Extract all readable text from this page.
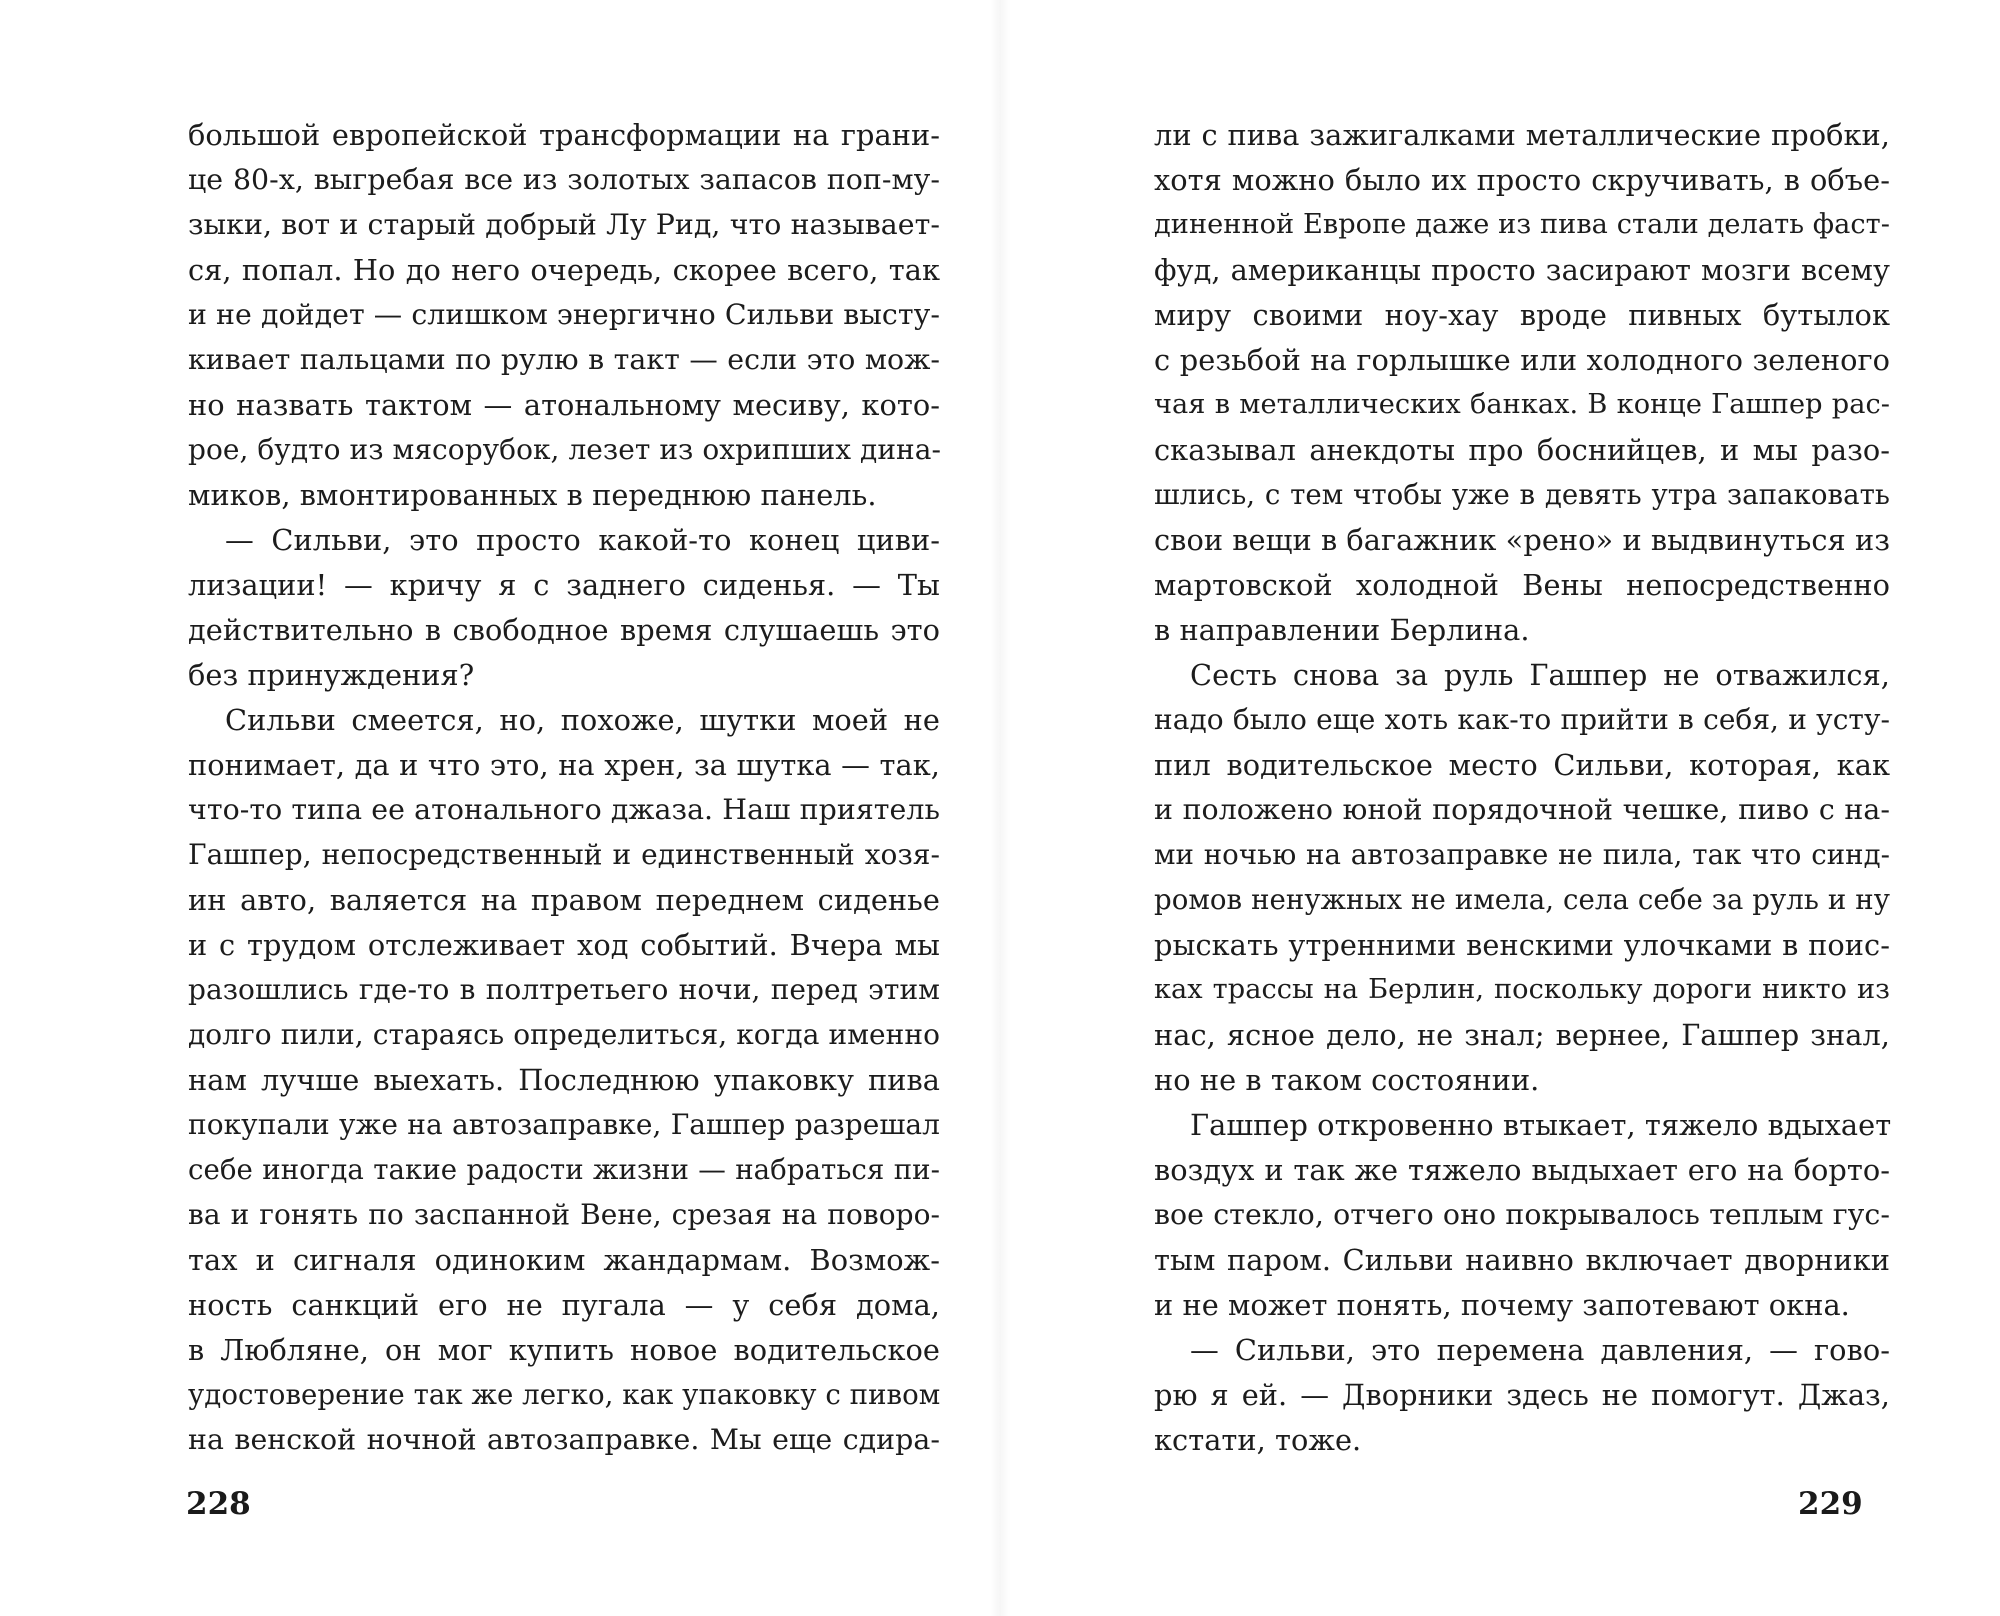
большой европейской трансформации на грани-
це 80-х, выгребая все из золотых запасов поп-му-
зыки, вот и старый добрый Лу Рид, что называет-
ся, попал. Но до него очередь, скорее всего, так
и не дойдет — слишком энергично Сильви высту-
кивает пальцами по рулю в такт — если это мож-
но назвать тактом — атональному месиву, кото-
рое, будто из мясорубок, лезет из охрипших дина-
миков, вмонтированных в переднюю панель.
— Сильви, это просто какой-то конец циви-
лизации! — кричу я с заднего сиденья. — Ты
действительно в свободное время слушаешь это
без принуждения?
Сильви смеется, но, похоже, шутки моей не
понимает, да и что это, на хрен, за шутка — так,
что-то типа ее атонального джаза. Наш приятель
Гашпер, непосредственный и единственный хозя-
ин авто, валяется на правом переднем сиденье
и с трудом отслеживает ход событий. Вчера мы
разошлись где-то в полтретьего ночи, перед этим
долго пили, стараясь определиться, когда именно
нам лучше выехать. Последнюю упаковку пива
покупали уже на автозаправке, Гашпер разрешал
себе иногда такие радости жизни — набраться пи-
ва и гонять по заспанной Вене, срезая на поворо-
тах и сигналя одиноким жандармам. Возмож-
ность санкций его не пугала — у себя дома,
в Любляне, он мог купить новое водительское
удостоверение так же легко, как упаковку с пивом
на венской ночной автозаправке. Мы еще сдира-
228
ли с пива зажигалками металлические пробки,
хотя можно было их просто скручивать, в объе-
диненной Европе даже из пива стали делать фаст-
фуд, американцы просто засирают мозги всему
миру своими ноу-хау вроде пивных бутылок
с резьбой на горлышке или холодного зеленого
чая в металлических банках. В конце Гашпер рас-
сказывал анекдоты про боснийцев, и мы разо-
шлись, с тем чтобы уже в девять утра запаковать
свои вещи в багажник «рено» и выдвинуться из
мартовской холодной Вены непосредственно
в направлении Берлина.
Сесть снова за руль Гашпер не отважился,
надо было еще хоть как-то прийти в себя, и усту-
пил водительское место Сильви, которая, как
и положено юной порядочной чешке, пиво с на-
ми ночью на автозаправке не пила, так что синд-
ромов ненужных не имела, села себе за руль и ну
рыскать утренними венскими улочками в поис-
ках трассы на Берлин, поскольку дороги никто из
нас, ясное дело, не знал; вернее, Гашпер знал,
но не в таком состоянии.
Гашпер откровенно втыкает, тяжело вдыхает
воздух и так же тяжело выдыхает его на борто-
вое стекло, отчего оно покрывалось теплым гус-
тым паром. Сильви наивно включает дворники
и не может понять, почему запотевают окна.
— Сильви, это перемена давления, — гово-
рю я ей. — Дворники здесь не помогут. Джаз,
кстати, тоже.
229
